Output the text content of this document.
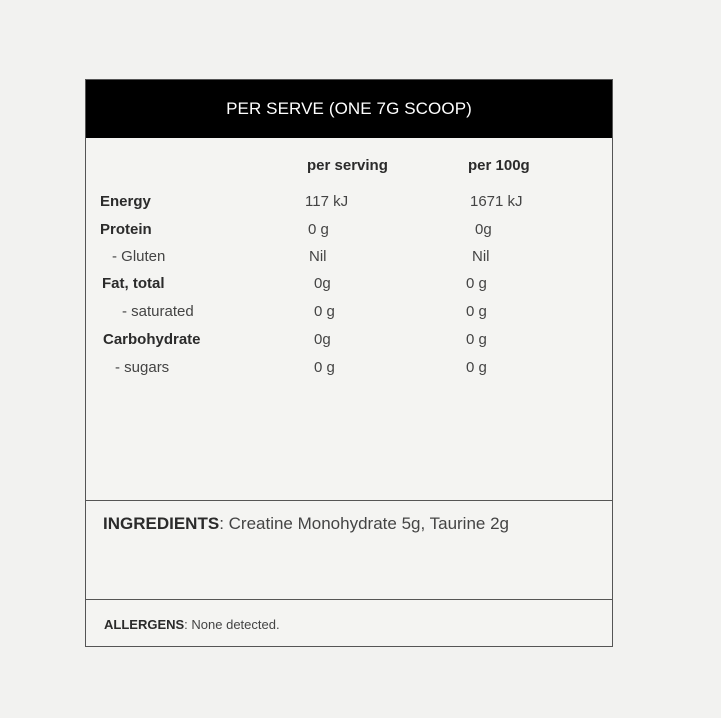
PER SERVE (ONE 7G SCOOP)
per serving	per 100g
Energy	117 kJ	1671 kJ
Protein	0 g	0g
- Gluten	Nil	Nil
Fat, total	0g	0 g
- saturated	0 g	0 g
Carbohydrate	0g	0 g
- sugars	0 g	0 g
INGREDIENTS: Creatine Monohydrate 5g, Taurine 2g
ALLERGENS: None detected.
